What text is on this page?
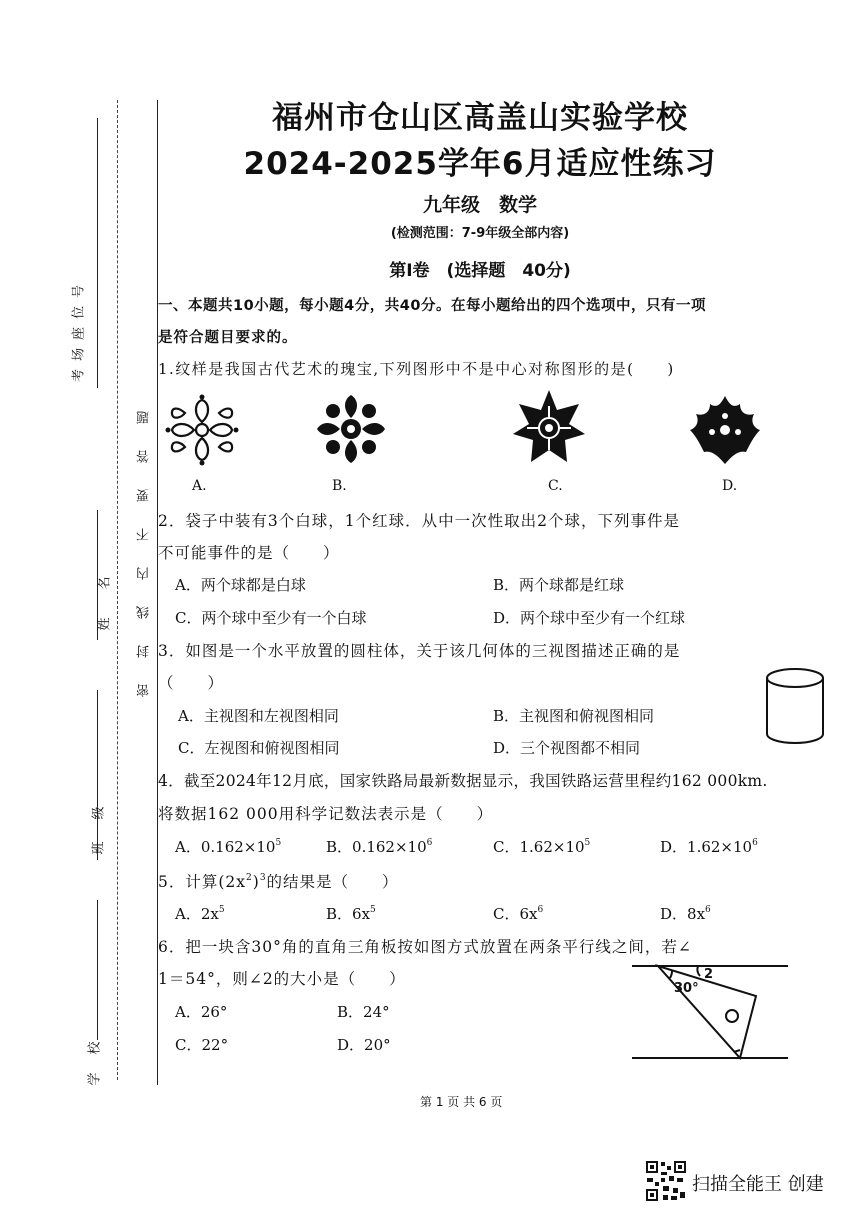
考场座位号
姓名
班级
学校
密封线内不要答题
福州市仓山区高盖山实验学校
2024-2025学年6月适应性练习
九年级　数学
(检测范围：7-9年级全部内容)
第Ⅰ卷　(选择题　40分)
一、本题共10小题，每小题4分，共40分。在每小题给出的四个选项中，只有一项
是符合题目要求的。
1.纹样是我国古代艺术的瑰宝,下列图形中不是中心对称图形的是(　　)
A.	B.	C.	D.
2．袋子中装有3个白球，1个红球．从中一次性取出2个球，下列事件是
不可能事件的是（　　）
A．两个球都是白球	B．两个球都是红球
C．两个球中至少有一个白球	D．两个球中至少有一个红球
3．如图是一个水平放置的圆柱体，关于该几何体的三视图描述正确的是
（　　）
A．主视图和左视图相同	B．主视图和俯视图相同
C．左视图和俯视图相同	D．三个视图都不相同
4．截至2024年12月底，国家铁路局最新数据显示，我国铁路运营里程约162 000km.
将数据162 000用科学记数法表示是（　　）
A．$0.162\times 10^5$	B．$0.162\times 10^6$	C．$1.62\times 10^5$	D．$1.62\times 10^6$
5．计算$(2x^2)^3$的结果是（　　）
A．$2x^5$	B．$6x^5$	C．$6x^6$	D．$8x^6$
6．把一块含30°角的直角三角板按如图方式放置在两条平行线之间，若∠
1＝54°，则∠2的大小是（　　）
A．26°	B．24°
C．22°	D．20°
30°
2
第 1 页 共 6 页
扫描全能王 创建
